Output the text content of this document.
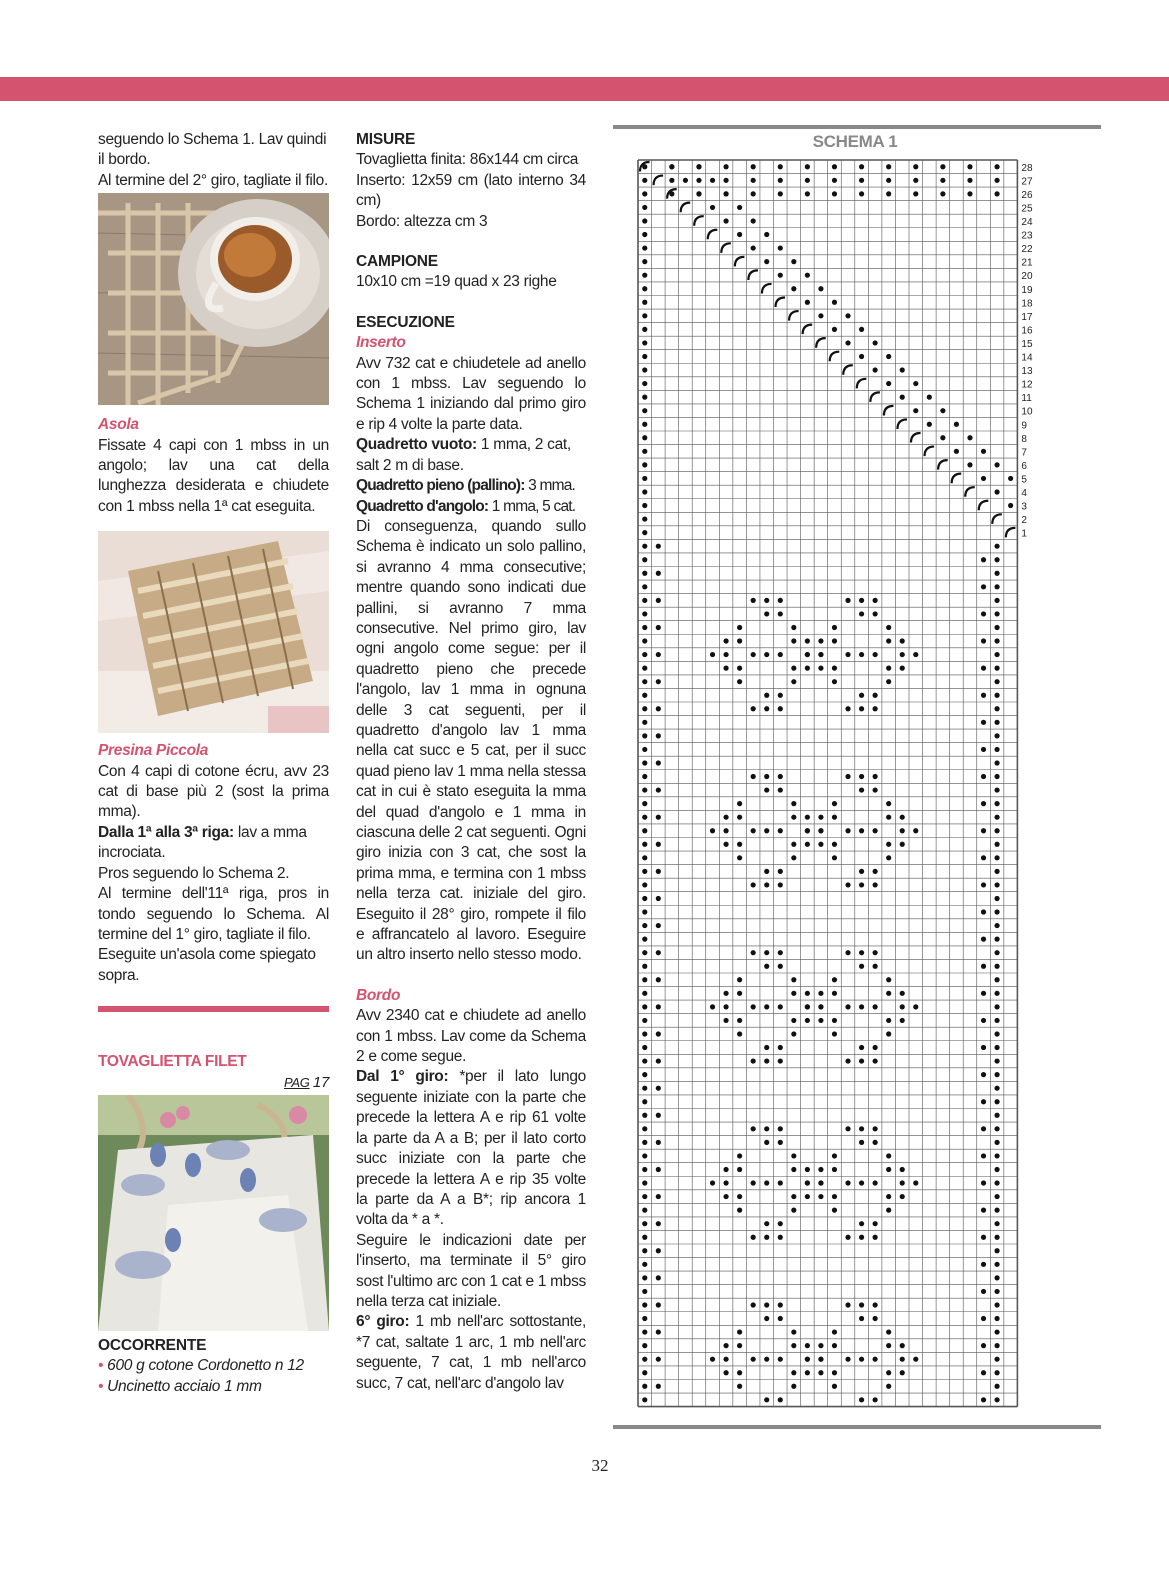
seguendo lo Schema 1. Lav quindi il bordo.
Al termine del 2° giro, tagliate il filo.

Asola

Fissate 4 capi con 1 mbss in un angolo; lav una cat della lunghezza desiderata e chiudete con 1 mbss nella 1ª cat eseguita.

Presina Piccola

Con 4 capi di cotone écru, avv 23 cat di base più 2 (sost la prima mma).

Dalla 1ª alla 3ª riga: lav a mma incrociata.

Pros seguendo lo Schema 2.

Al termine dell'11ª riga, pros in tondo seguendo lo Schema. Al termine del 1° giro, tagliate il filo.

Eseguite un'asola come spiegato sopra.

TOVAGLIETTA FILET

PAG 17

OCCORRENTE

• 600 g cotone Cordonetto n 12

• Uncinetto acciaio 1 mm

MISURE

Tovaglietta finita: 86x144 cm circa

Inserto: 12x59 cm (lato interno 34 cm)

Bordo: altezza cm 3

CAMPIONE

10x10 cm =19 quad x 23 righe

ESECUZIONE

Inserto

Avv 732 cat e chiudetele ad anello con 1 mbss. Lav seguendo lo Schema 1 iniziando dal primo giro e rip 4 volte la parte data.

Quadretto vuoto: 1 mma, 2 cat, salt 2 m di base.

Quadretto pieno (pallino): 3 mma.

Quadretto d'angolo: 1 mma, 5 cat.

Di conseguenza, quando sullo Schema è indicato un solo pallino, si avranno 4 mma consecutive; mentre quando sono indicati due pallini, si avranno 7 mma consecutive. Nel primo giro, lav ogni angolo come segue: per il quadretto pieno che precede l'angolo, lav 1 mma in ognuna delle 3 cat seguenti, per il quadretto d'angolo lav 1 mma nella cat succ e 5 cat, per il succ quad pieno lav 1 mma nella stessa cat in cui è stato eseguita la mma del quad d'angolo e 1 mma in ciascuna delle 2 cat seguenti. Ogni giro inizia con 3 cat, che sost la prima mma, e termina con 1 mbss nella terza cat. iniziale del giro. Eseguito il 28° giro, rompete il filo e affrancatelo al lavoro. Eseguire un altro inserto nello stesso modo.

Bordo

Avv 2340 cat e chiudete ad anello con 1 mbss. Lav come da Schema 2 e come segue.

Dal 1° giro: *per il lato lungo seguente iniziate con la parte che precede la lettera A e rip 61 volte la parte da A a B; per il lato corto succ iniziate con la parte che precede la lettera A e rip 35 volte la parte da A a B*; rip ancora 1 volta da * a *.

Seguire le indicazioni date per l'inserto, ma terminate il 5° giro sost l'ultimo arc con 1 cat e 1 mbss nella terza cat iniziale.

6° giro: 1 mb nell'arc sottostante, *7 cat, saltate 1 arc, 1 mb nell'arc seguente, 7 cat, 1 mb nell'arco succ, 7 cat, nell'arc d'angolo lav

SCHEMA 1
28
27
26
25
24
23
22
21
20
19
18
17
16
15
14
13
12
11
10
9
8
7
6
5
4
3
2
1
32
